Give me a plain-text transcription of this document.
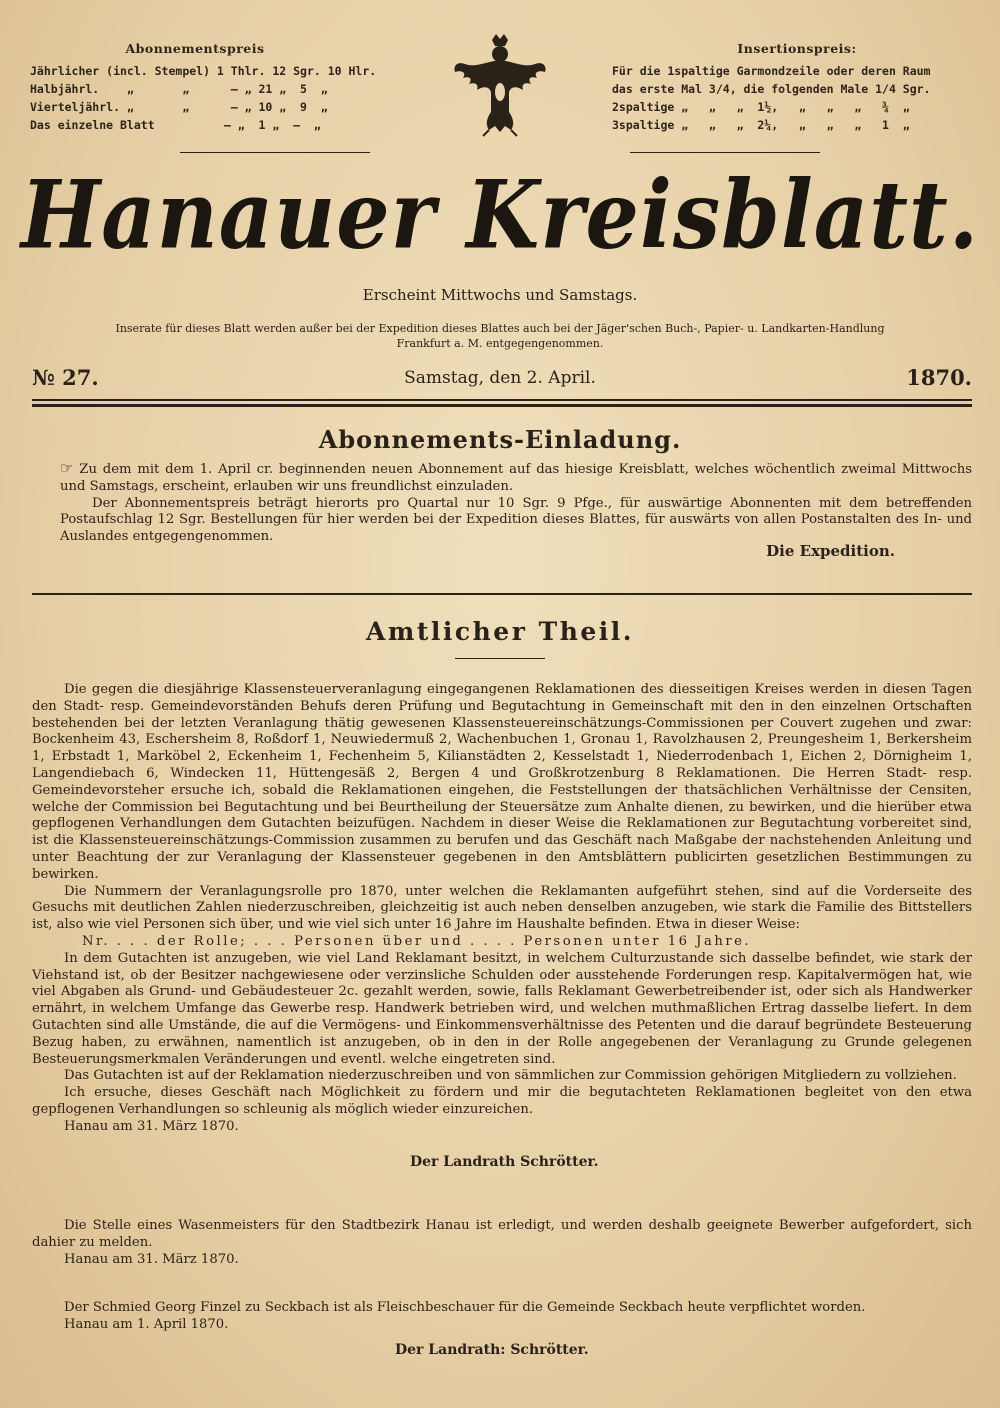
Abonnementspreis
Jährlicher (incl. Stempel) 1 Thlr. 12 Sgr. 10 Hlr.
Halbjährl.    „       „      — „ 21 „  5  „
Vierteljährl. „       „      — „ 10 „  9  „
Das einzelne Blatt          — „  1 „  —  „
Insertionspreis:
Für die 1spaltige Garmondzeile oder deren Raum
das erste Mal 3/4, die folgenden Male 1/4 Sgr.
2spaltige „   „   „  1½,   „   „   „   ¾  „
3spaltige „   „   „  2¼,   „   „   „   1  „
Hanauer Kreisblatt.
Erscheint Mittwochs und Samstags.
Inserate für dieses Blatt werden außer bei der Expedition dieses Blattes auch bei der Jäger'schen Buch-, Papier- u. Landkarten-Handlung
Frankfurt a. M. entgegengenommen.
№ 27.	Samstag, den 2. April.	1870.
Abonnements-Einladung.

☞ Zu dem mit dem 1. April cr. beginnenden neuen Abonnement auf das hiesige Kreisblatt, welches wöchentlich zweimal Mittwochs und Samstags, erscheint, erlauben wir uns freundlichst einzuladen.

Der Abonnementspreis beträgt hierorts pro Quartal nur 10 Sgr. 9 Pfge., für auswärtige Abonnenten mit dem betreffenden Postaufschlag 12 Sgr. Bestellungen für hier werden bei der Expedition dieses Blattes, für auswärts von allen Postanstalten des In- und Auslandes entgegengenommen.

Die Expedition.
Amtlicher Theil.

Die gegen die diesjährige Klassensteuerveranlagung eingegangenen Reklamationen des diesseitigen Kreises werden in diesen Tagen den Stadt- resp. Gemeindevorständen Behufs deren Prüfung und Begutachtung in Gemeinschaft mit den in den einzelnen Ortschaften bestehenden bei der letzten Veranlagung thätig gewesenen Klassensteuereinschätzungs-Commissionen per Couvert zugehen und zwar: Bockenheim 43, Eschersheim 8, Roßdorf 1, Neuwiedermuß 2, Wachenbuchen 1, Gronau 1, Ravolzhausen 2, Preungesheim 1, Berkersheim 1, Erbstadt 1, Marköbel 2, Eckenheim 1, Fechenheim 5, Kilianstädten 2, Kesselstadt 1, Niederrodenbach 1, Eichen 2, Dörnigheim 1, Langendiebach 6, Windecken 11, Hüttengesäß 2, Bergen 4 und Großkrotzenburg 8 Reklamationen. Die Herren Stadt- resp. Gemeindevorsteher ersuche ich, sobald die Reklamationen eingehen, die Feststellungen der thatsächlichen Verhältnisse der Censiten, welche der Commission bei Begutachtung und bei Beurtheilung der Steuersätze zum Anhalte dienen, zu bewirken, und die hierüber etwa gepflogenen Verhandlungen dem Gutachten beizufügen. Nachdem in dieser Weise die Reklamationen zur Begutachtung vorbereitet sind, ist die Klassensteuereinschätzungs-Commission zusammen zu berufen und das Geschäft nach Maßgabe der nachstehenden Anleitung und unter Beachtung der zur Veranlagung der Klassensteuer gegebenen in den Amtsblättern publicirten gesetzlichen Bestimmungen zu bewirken.

Die Nummern der Veranlagungsrolle pro 1870, unter welchen die Reklamanten aufgeführt stehen, sind auf die Vorderseite des Gesuchs mit deutlichen Zahlen niederzuschreiben, gleichzeitig ist auch neben denselben anzugeben, wie stark die Familie des Bittstellers ist, also wie viel Personen sich über, und wie viel sich unter 16 Jahre im Haushalte befinden. Etwa in dieser Weise:

Nr. . . . der Rolle; . . . Personen über und . . . . Personen unter 16 Jahre.

In dem Gutachten ist anzugeben, wie viel Land Reklamant besitzt, in welchem Culturzustande sich dasselbe befindet, wie stark der Viehstand ist, ob der Besitzer nachgewiesene oder verzinsliche Schulden oder ausstehende Forderungen resp. Kapitalvermögen hat, wie viel Abgaben als Grund- und Gebäudesteuer 2c. gezahlt werden, sowie, falls Reklamant Gewerbetreibender ist, oder sich als Handwerker ernährt, in welchem Umfange das Gewerbe resp. Handwerk betrieben wird, und welchen muthmaßlichen Ertrag dasselbe liefert. In dem Gutachten sind alle Umstände, die auf die Vermögens- und Einkommensverhältnisse des Petenten und die darauf begründete Besteuerung Bezug haben, zu erwähnen, namentlich ist anzugeben, ob in den in der Rolle angegebenen der Veranlagung zu Grunde gelegenen Besteuerungsmerkmalen Veränderungen und eventl. welche eingetreten sind.

Das Gutachten ist auf der Reklamation niederzuschreiben und von sämmlichen zur Commission gehörigen Mitgliedern zu vollziehen.

Ich ersuche, dieses Geschäft nach Möglichkeit zu fördern und mir die begutachteten Reklamationen begleitet von den etwa gepflogenen Verhandlungen so schleunig als möglich wieder einzureichen.

Hanau am 31. März 1870.

Der Landrath Schrötter.

Die Stelle eines Wasenmeisters für den Stadtbezirk Hanau ist erledigt, und werden deshalb geeignete Bewerber aufgefordert, sich dahier zu melden.

Hanau am 31. März 1870.

Der Schmied Georg Finzel zu Seckbach ist als Fleischbeschauer für die Gemeinde Seckbach heute verpflichtet worden.

Hanau am 1. April 1870.

Der Landrath: Schrötter.
